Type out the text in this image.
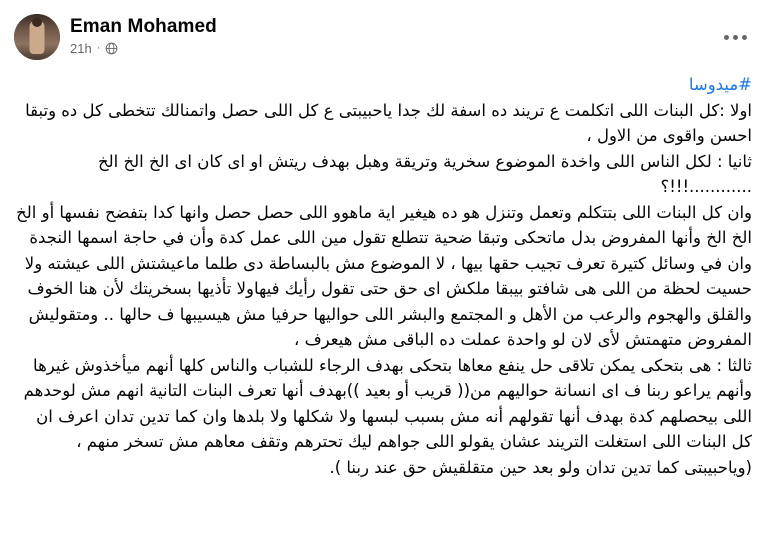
Eman Mohamed
21h ·

#ميدوسا

اولا :كل البنات اللى اتكلمت ع تريند ده اسفة لك جدا ياحبيبتى ع كل اللى حصل واتمنالك تتخطى كل ده وتبقا احسن واقوى من الاول ،

ثانيا : لكل الناس اللى واخدة الموضوع سخرية وتريقة وهبل بهدف ريتش او اى كان اى الخ الخ الخ ............!!!؟

وان كل البنات اللى بتتكلم وتعمل وتنزل هو ده هيغير اية ماهوو اللى حصل حصل وانها كدا بتفضح نفسها أو الخ الخ الخ وأنها المفروض بدل ماتحكى وتبقا ضحية تتطلع تقول مين اللى عمل كدة وأن في حاجة اسمها النجدة وان في وسائل كتيرة تعرف تجيب حقها بيها ، لا الموضوع مش بالبساطة دى طلما ماعيشتش اللى عيشته ولا حسيت لحظة من اللى هى شافتو بيبقا ملكش اى حق حتى تقول رأيك فيهاولا تأذيها بسخريتك لأن هنا الخوف والقلق والهجوم والرعب من الأهل و المجتمع والبشر اللى حواليها حرفيا مش هيسيبها ف حالها .. ومتقوليش المفروض متهمتش لأى لان لو واحدة عملت ده الباقى مش هيعرف ،

ثالثا : هى بتحكى يمكن تلاقى حل ينفع معاها بتحكى بهدف الرجاء للشباب والناس كلها أنهم ميأخذوش غيرها وأنهم يراعو ربنا ف اى انسانة حواليهم من(( قريب أو بعيد ))بهدف أنها تعرف البنات التانية انهم مش لوحدهم اللى بيحصلهم كدة بهدف أنها تقولهم أنه مش بسبب لبسها ولا شكلها ولا بلدها وان كما تدين تدان اعرف ان كل البنات اللى استغلت التريند عشان يقولو اللى جواهم ليك تحترهم وتقف معاهم مش تسخر منهم ،

(وياحبيبتى كما تدين تدان ولو بعد حين متقلقيش حق عند ربنا ).
